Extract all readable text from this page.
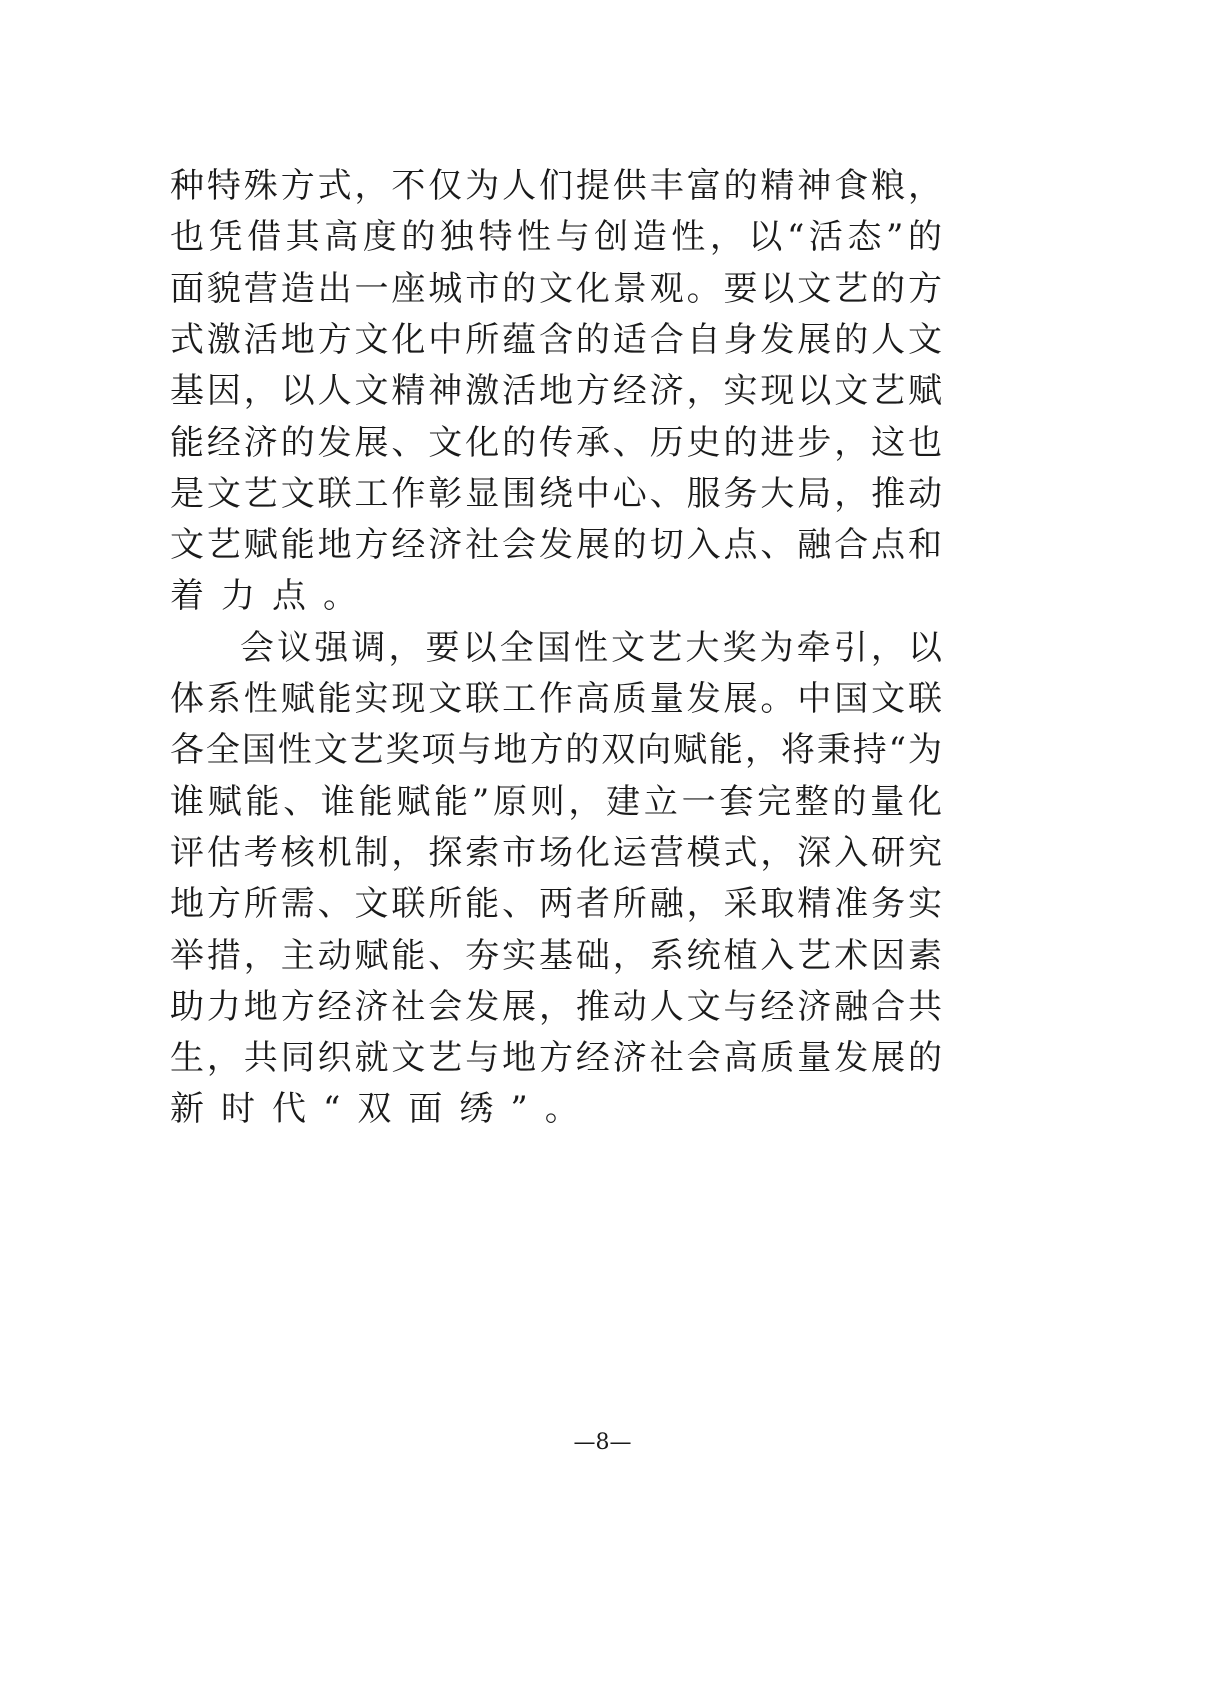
种特殊方式，不仅为人们提供丰富的精神食粮，
也凭借其高度的独特性与创造性，以“活态”的
面貌营造出一座城市的文化景观。要以文艺的方
式激活地方文化中所蕴含的适合自身发展的人文
基因，以人文精神激活地方经济，实现以文艺赋
能经济的发展、文化的传承、历史的进步，这也
是文艺文联工作彰显围绕中心、服务大局，推动
文艺赋能地方经济社会发展的切入点、融合点和
着力点。
会议强调，要以全国性文艺大奖为牵引，以
体系性赋能实现文联工作高质量发展。中国文联
各全国性文艺奖项与地方的双向赋能，将秉持“为
谁赋能、谁能赋能”原则，建立一套完整的量化
评估考核机制，探索市场化运营模式，深入研究
地方所需、文联所能、两者所融，采取精准务实
举措，主动赋能、夯实基础，系统植入艺术因素
助力地方经济社会发展，推动人文与经济融合共
生，共同织就文艺与地方经济社会高质量发展的
新时代“双面绣”。
—8—
